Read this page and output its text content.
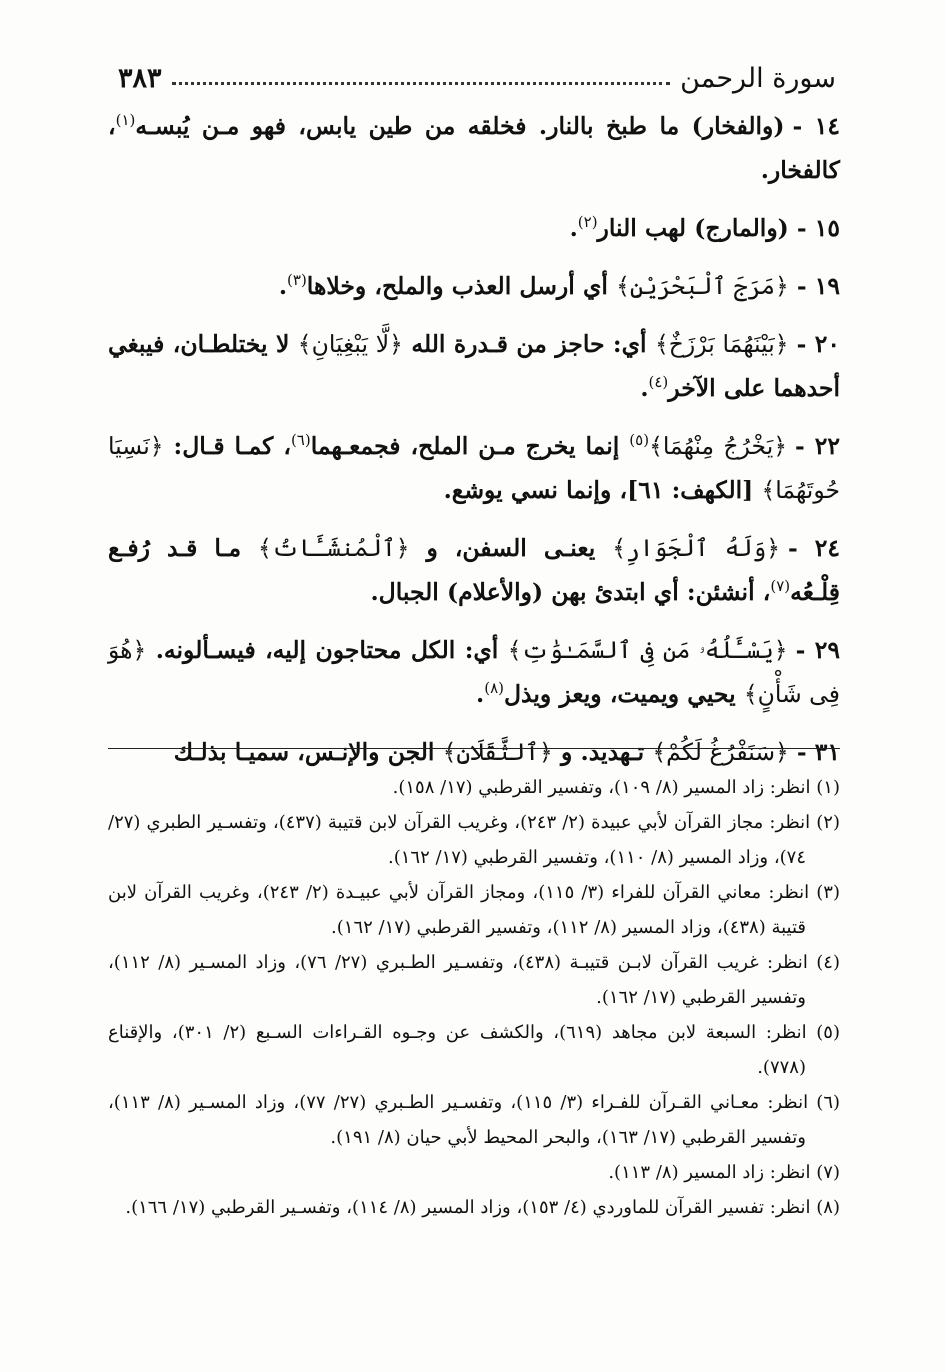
سورة الرحمن
٣٨٣

١٤ -(والفخار) ما طبخ بالنار. فخلقه من طين يابس، فهو مـن يُبسـه$^{(١)}$، كالفخار.

١٥ -(والمارج) لهب النار$^{(٢)}$.

١٩ -﴿مَرَجَ ٱلْبَحْرَيْنِ﴾ أي أرسل العذب والملح، وخلاها$^{(٣)}$.

٢٠ -﴿بَيْنَهُمَا بَرْزَخٌ﴾ أي: حاجز من قـدرة الله ﴿لَّا يَبْغِيَانِ﴾ لا يختلطـان، فيبغي أحدهما على الآخر$^{(٤)}$.

٢٢ -﴿يَخْرُجُ مِنْهُمَا﴾$^{(٥)}$ إنما يخرج مـن الملح، فجمعـهما$^{(٦)}$، كمـا قـال: ﴿نَسِيَا حُوتَهُمَا﴾ [الكهف: ٦١]، وإنما نسي يوشع.

٢٤ -﴿وَلَهُ ٱلْجَوَارِ﴾ يعنـى السفن، و ﴿ٱلْمُنشَـَٔاتُ﴾ مـا قـد رُفـع قِلْـعُه$^{(٧)}$، أنشئن: أي ابتدئ بهن (والأعلام) الجبال.

٢٩ -﴿يَسْـَٔلُهُۥ مَن فِى ٱلسَّمَـٰوَٰتِ﴾ أي: الكل محتاجون إليه، فيسـألونه. ﴿هُوَ فِى شَأْنٍ﴾ يحيي ويميت، ويعز ويذل$^{(٨)}$.

٣١ -﴿سَنَفْرُغُ لَكُمْ﴾ تـهديد. و ﴿ٱلثَّقَلَانِ﴾ الجن والإنـس، سميـا بذلـك

(١) انظر: زاد المسير (٨/ ١٠٩)، وتفسير القرطبي (١٧/ ١٥٨).

(٢) انظر: مجاز القرآن لأبي عبيدة (٢/ ٢٤٣)، وغريب القرآن لابن قتيبة (٤٣٧)، وتفسـير الطبري (٢٧/ ٧٤)، وزاد المسير (٨/ ١١٠)، وتفسير القرطبي (١٧/ ١٦٢).

(٣) انظر: معاني القرآن للفراء (٣/ ١١٥)، ومجاز القرآن لأبي عبيـدة (٢/ ٢٤٣)، وغريب القرآن لابن قتيبة (٤٣٨)، وزاد المسير (٨/ ١١٢)، وتفسير القرطبي (١٧/ ١٦٢).

(٤) انظر: غريب القرآن لابـن قتيبـة (٤٣٨)، وتفسـير الطـبري (٢٧/ ٧٦)، وزاد المسـير (٨/ ١١٢)، وتفسير القرطبي (١٧/ ١٦٢).

(٥) انظر: السبعة لابن مجاهد (٦١٩)، والكشف عن وجـوه القـراءات السـبع (٢/ ٣٠١)، والإقناع (٧٧٨).

(٦) انظر: معـاني القـرآن للفـراء (٣/ ١١٥)، وتفسـير الطـبري (٢٧/ ٧٧)، وزاد المسـير (٨/ ١١٣)، وتفسير القرطبي (١٧/ ١٦٣)، والبحر المحيط لأبي حيان (٨/ ١٩١).

(٧) انظر: زاد المسير (٨/ ١١٣).

(٨) انظر: تفسير القرآن للماوردي (٤/ ١٥٣)، وزاد المسير (٨/ ١١٤)، وتفسـير القرطبي (١٧/ ١٦٦).
